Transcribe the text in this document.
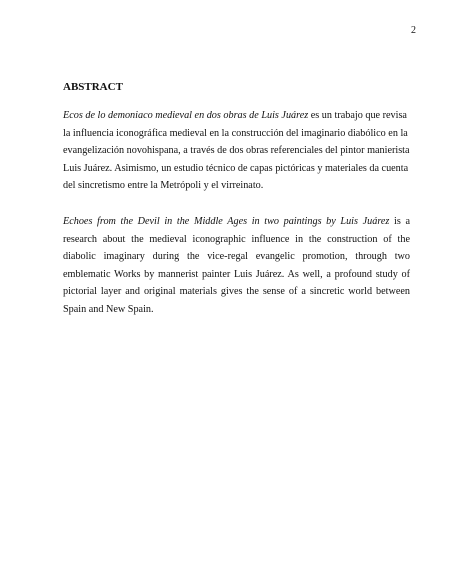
2
ABSTRACT

Ecos de lo demoniaco medieval en dos obras de Luis Juárez es un trabajo que revisa la influencia iconográfica medieval en la construcción del imaginario diabólico en la evangelización novohispana, a través de dos obras referenciales del pintor manierista Luis Juárez. Asimismo, un estudio técnico de capas pictóricas y materiales da cuenta del sincretismo entre la Metrópoli y el virreinato.

Echoes from the Devil in the Middle Ages in two paintings by Luis Juárez is a research about the medieval iconographic influence in the construction of the diabolic imaginary during the vice-regal evangelic promotion, through two emblematic Works by mannerist painter Luis Juárez. As well, a profound study of pictorial layer and original materials gives the sense of a sincretic world between Spain and New Spain.
